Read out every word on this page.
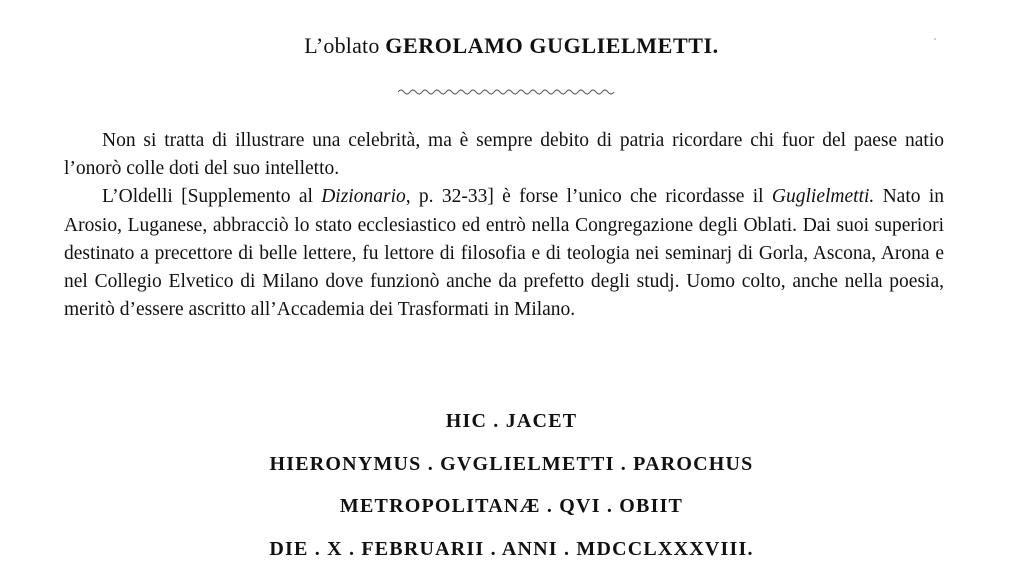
L’oblato GEROLAMO GUGLIELMETTI.

Non si tratta di illustrare una celebrità, ma è sempre debito di patria ricordare chi fuor del paese natio l’onorò colle doti del suo intelletto.

L’Oldelli [Supplemento al Dizionario, p. 32-33] è forse l’unico che ricordasse il Guglielmetti. Nato in Arosio, Luganese, abbracciò lo stato ecclesiastico ed entrò nella Congregazione degli Oblati. Dai suoi superiori destinato a precettore di belle lettere, fu lettore di filosofia e di teologia nei seminarj di Gorla, Ascona, Arona e nel Collegio Elvetico di Milano dove funzionò anche da prefetto degli studj. Uomo colto, anche nella poesia, meritò d’essere ascritto all’Accademia dei Trasformati in Milano.

HIC . JACET
HIERONYMUS . GVGLIELMETTI . PAROCHUS
METROPOLITANÆ . QVI . OBIIT
DIE . X . FEBRUARII . ANNI . MDCCLXXXVIII.
